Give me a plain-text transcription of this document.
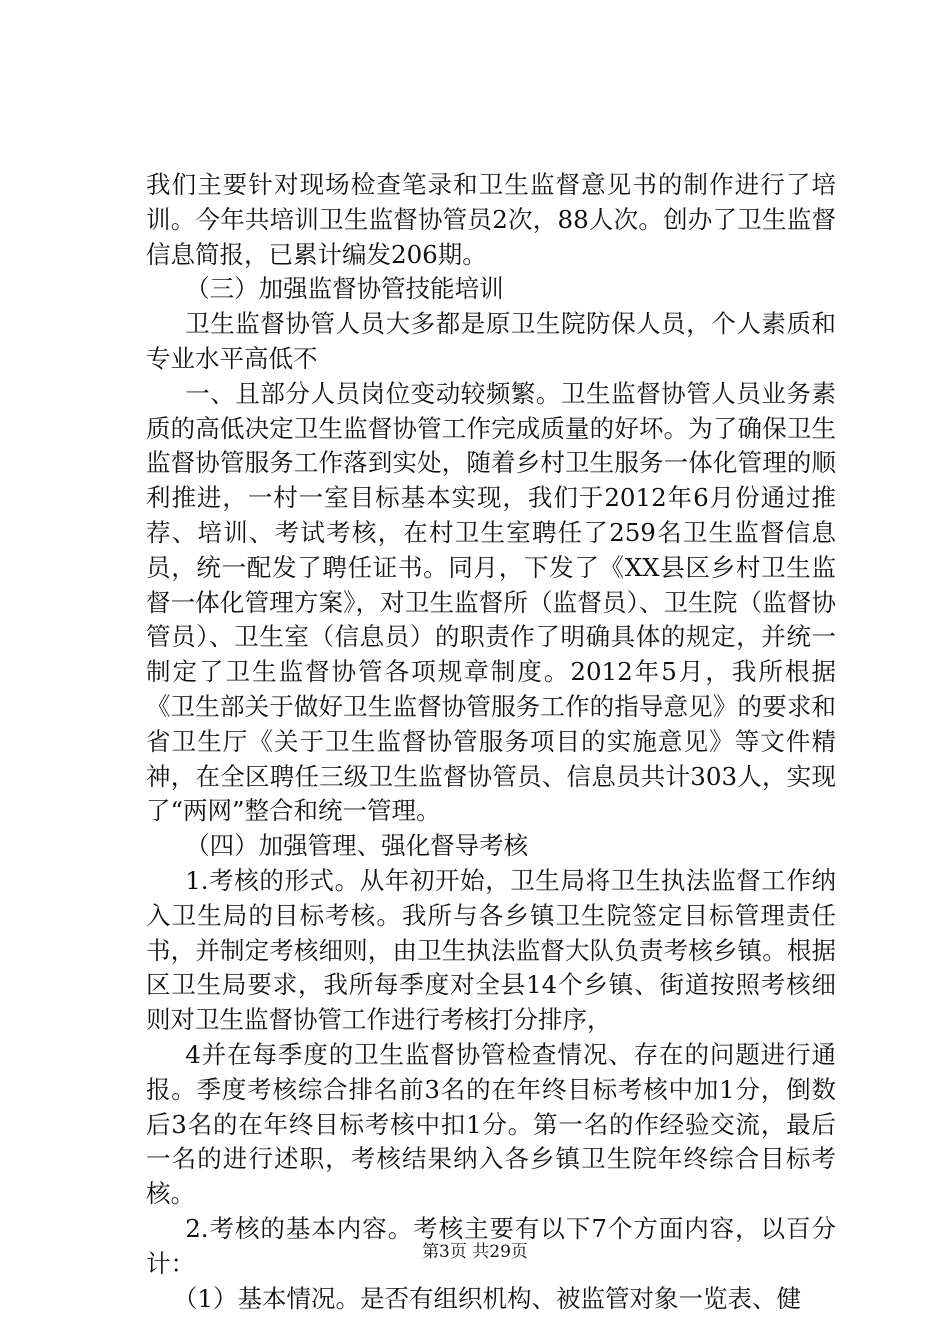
我们主要针对现场检查笔录和卫生监督意见书的制作进行了培训。今年共培训卫生监督协管员2次，88人次。创办了卫生监督信息简报，已累计编发206期。

（三）加强监督协管技能培训

卫生监督协管人员大多都是原卫生院防保人员，个人素质和专业水平高低不

一、且部分人员岗位变动较频繁。卫生监督协管人员业务素质的高低决定卫生监督协管工作完成质量的好坏。为了确保卫生监督协管服务工作落到实处，随着乡村卫生服务一体化管理的顺利推进，一村一室目标基本实现，我们于2012年6月份通过推荐、培训、考试考核，在村卫生室聘任了259名卫生监督信息员，统一配发了聘任证书。同月，下发了《XX县区乡村卫生监督一体化管理方案》，对卫生监督所（监督员）、卫生院（监督协管员）、卫生室（信息员）的职责作了明确具体的规定，并统一制定了卫生监督协管各项规章制度。2012年5月，我所根据《卫生部关于做好卫生监督协管服务工作的指导意见》的要求和省卫生厅《关于卫生监督协管服务项目的实施意见》等文件精神，在全区聘任三级卫生监督协管员、信息员共计303人，实现了“两网”整合和统一管理。

（四）加强管理、强化督导考核

1.考核的形式。从年初开始，卫生局将卫生执法监督工作纳入卫生局的目标考核。我所与各乡镇卫生院签定目标管理责任书，并制定考核细则，由卫生执法监督大队负责考核乡镇。根据区卫生局要求，我所每季度对全县14个乡镇、街道按照考核细则对卫生监督协管工作进行考核打分排序，

4并在每季度的卫生监督协管检查情况、存在的问题进行通报。季度考核综合排名前3名的在年终目标考核中加1分，倒数后3名的在年终目标考核中扣1分。第一名的作经验交流，最后一名的进行述职，考核结果纳入各乡镇卫生院年终综合目标考核。

2.考核的基本内容。考核主要有以下7个方面内容，以百分计：

（1）基本情况。是否有组织机构、被监管对象一览表、健

第3页 共29页
